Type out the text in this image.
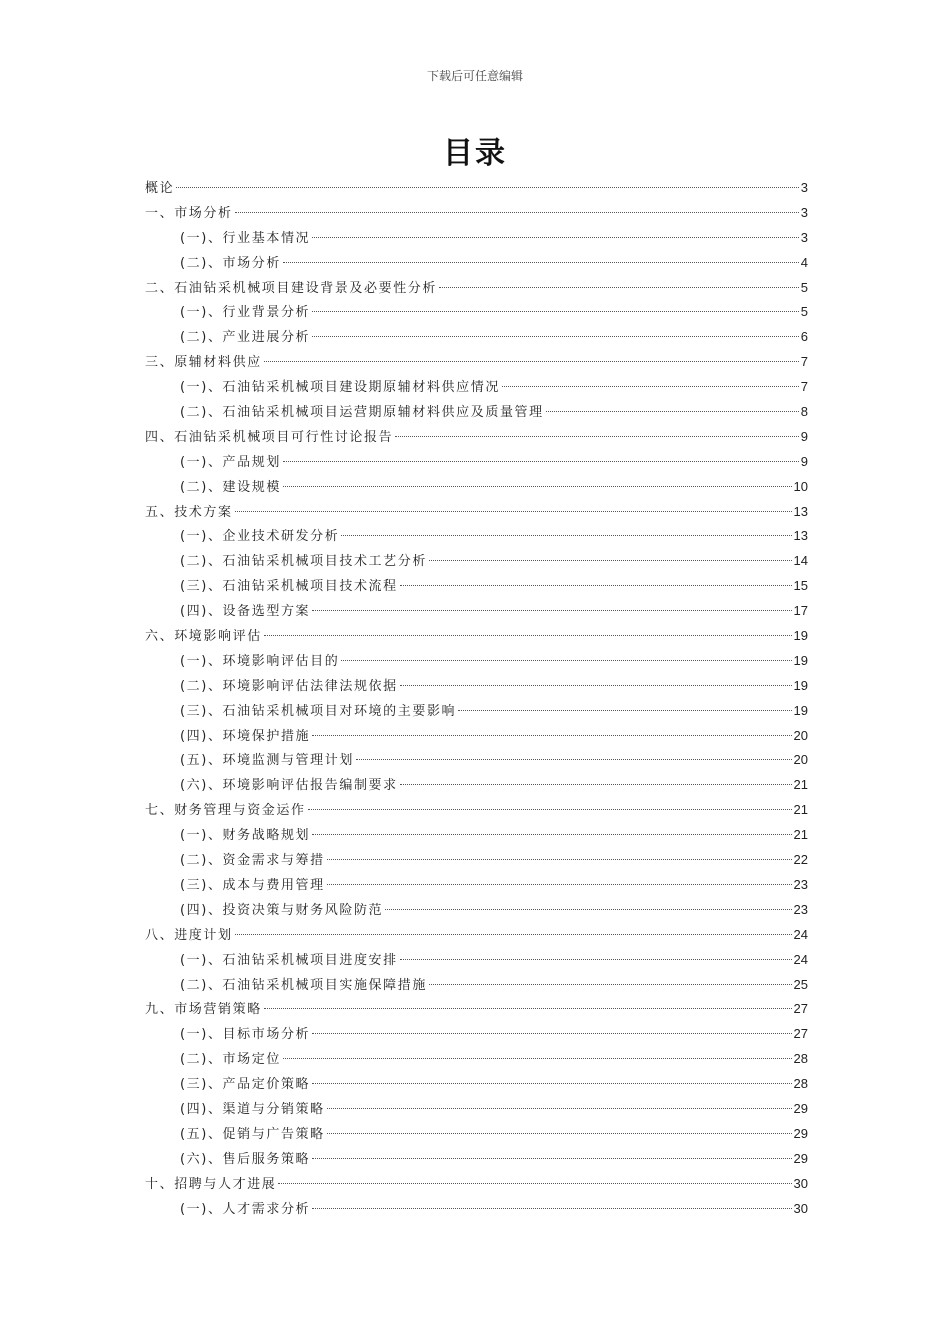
下载后可任意编辑
目录
概论	3
一、市场分析	3
(一)、行业基本情况	3
(二)、市场分析	4
二、石油钻采机械项目建设背景及必要性分析	5
(一)、行业背景分析	5
(二)、产业进展分析	6
三、原辅材料供应	7
(一)、石油钻采机械项目建设期原辅材料供应情况	7
(二)、石油钻采机械项目运营期原辅材料供应及质量管理	8
四、石油钻采机械项目可行性讨论报告	9
(一)、产品规划	9
(二)、建设规模	10
五、技术方案	13
(一)、企业技术研发分析	13
(二)、石油钻采机械项目技术工艺分析	14
(三)、石油钻采机械项目技术流程	15
(四)、设备选型方案	17
六、环境影响评估	19
(一)、环境影响评估目的	19
(二)、环境影响评估法律法规依据	19
(三)、石油钻采机械项目对环境的主要影响	19
(四)、环境保护措施	20
(五)、环境监测与管理计划	20
(六)、环境影响评估报告编制要求	21
七、财务管理与资金运作	21
(一)、财务战略规划	21
(二)、资金需求与筹措	22
(三)、成本与费用管理	23
(四)、投资决策与财务风险防范	23
八、进度计划	24
(一)、石油钻采机械项目进度安排	24
(二)、石油钻采机械项目实施保障措施	25
九、市场营销策略	27
(一)、目标市场分析	27
(二)、市场定位	28
(三)、产品定价策略	28
(四)、渠道与分销策略	29
(五)、促销与广告策略	29
(六)、售后服务策略	29
十、招聘与人才进展	30
(一)、人才需求分析	30
